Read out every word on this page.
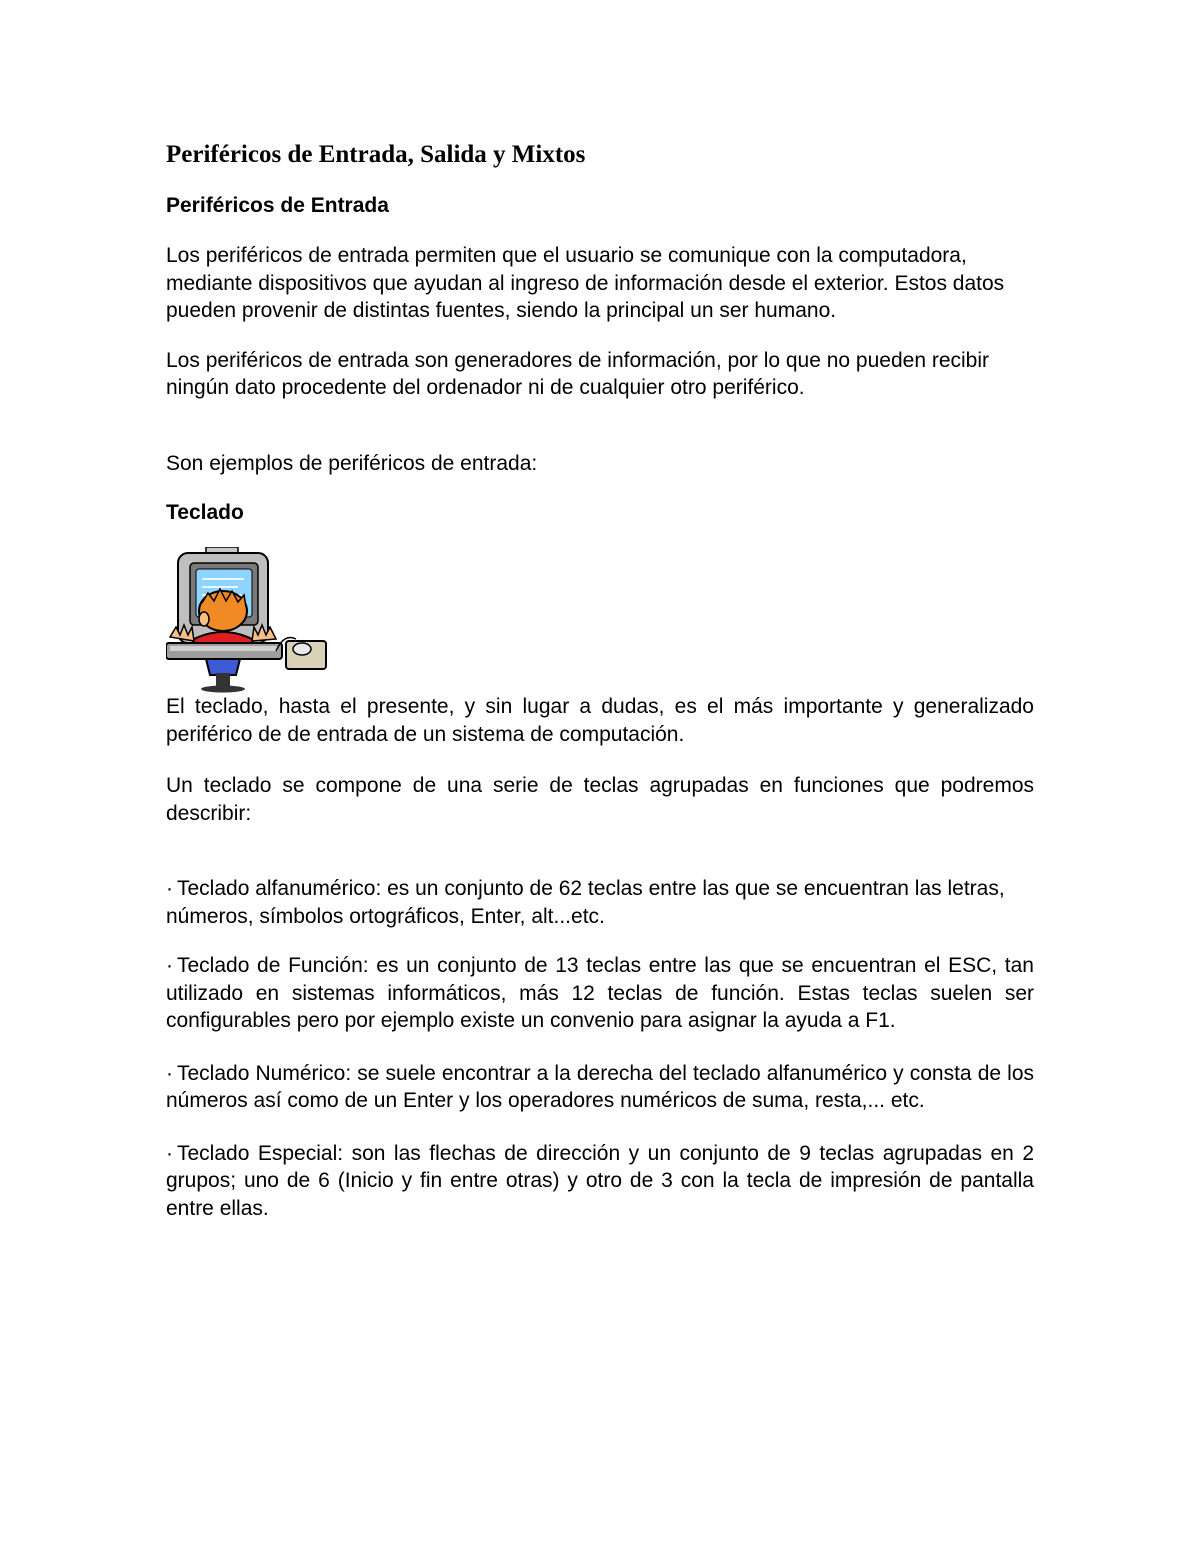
Periféricos de Entrada, Salida y Mixtos
Periféricos de Entrada

Los periféricos de entrada permiten que el usuario se comunique con la computadora, mediante dispositivos que ayudan al ingreso de información desde el exterior. Estos datos pueden provenir de distintas fuentes, siendo la principal un ser humano.

Los periféricos de entrada son generadores de información, por lo que no pueden recibir ningún dato procedente del ordenador ni de cualquier otro periférico.

Son ejemplos de periféricos de entrada:

Teclado

El teclado, hasta el presente, y sin lugar a dudas, es el más importante y generalizado periférico de de entrada de un sistema de computación.

Un teclado se compone de una serie de teclas agrupadas en funciones que podremos describir:

· Teclado alfanumérico: es un conjunto de 62 teclas entre las que se encuentran las letras, números, símbolos ortográficos, Enter, alt...etc.
· Teclado de Función: es un conjunto de 13 teclas entre las que se encuentran el ESC, tan utilizado en sistemas informáticos, más 12 teclas de función. Estas teclas suelen ser configurables pero por ejemplo existe un convenio para asignar la ayuda a F1.
· Teclado Numérico: se suele encontrar a la derecha del teclado alfanumérico y consta de los números así como de un Enter y los operadores numéricos de suma, resta,... etc.
· Teclado Especial: son las flechas de dirección y un conjunto de 9 teclas agrupadas en 2 grupos; uno de 6 (Inicio y fin entre otras) y otro de 3 con la tecla de impresión de pantalla entre ellas.
